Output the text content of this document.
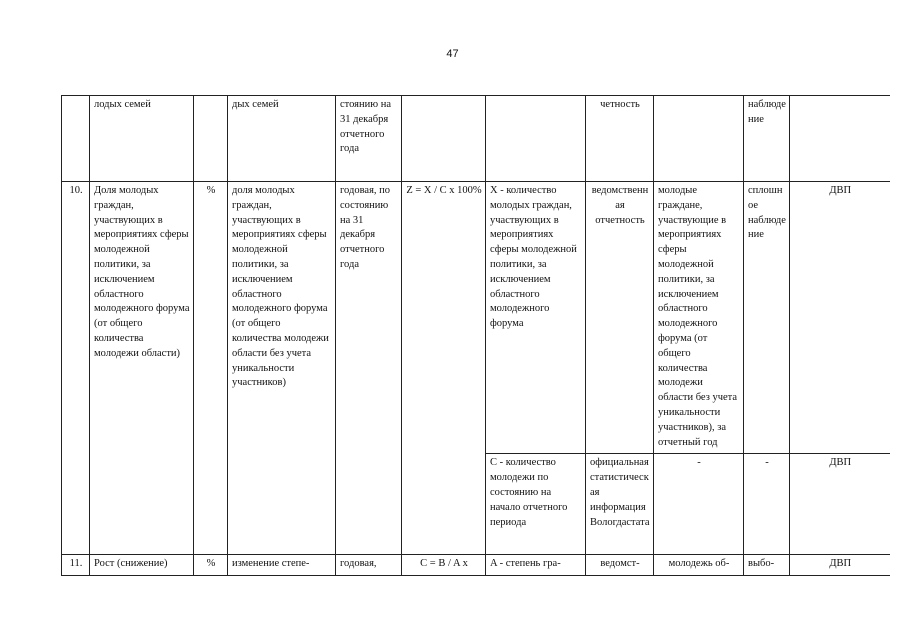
47

	лодых семей		дых семей	стоянию на 31 декабря отчетного года			четность		наблюдение	

10.	Доля молодых граждан, участвующих в мероприятиях сферы молодежной политики, за исключением областного молодежного форума (от общего количества молодежи области)	%	доля молодых граждан, участвующих в мероприятиях сферы молодежной политики, за исключением областного молодежного форума (от общего количества молодежи области без учета уникальности участников)	годовая, по состоянию на 31 декабря отчетного года	Z = X / C x 100%	X - количество молодых граждан, участвующих в мероприятиях сферы молодежной политики, за исключением областного молодежного форума	ведомственная отчетность	молодые граждане, участвующие в мероприятиях сферы молодежной политики, за исключением областного молодежного форума (от общего количества молодежи области без учета уникальности участников), за отчетный год	сплошное наблюдение	ДВП

						C - количество молодежи по состоянию на начало отчетного периода	официальная статистическая информация Вологдастата	-	-	ДВП

11.	Рост (снижение)	%	изменение степе-	годовая,	C = B / A x	A - степень гра-	ведомст-	молодежь об-	выбо-	ДВП
